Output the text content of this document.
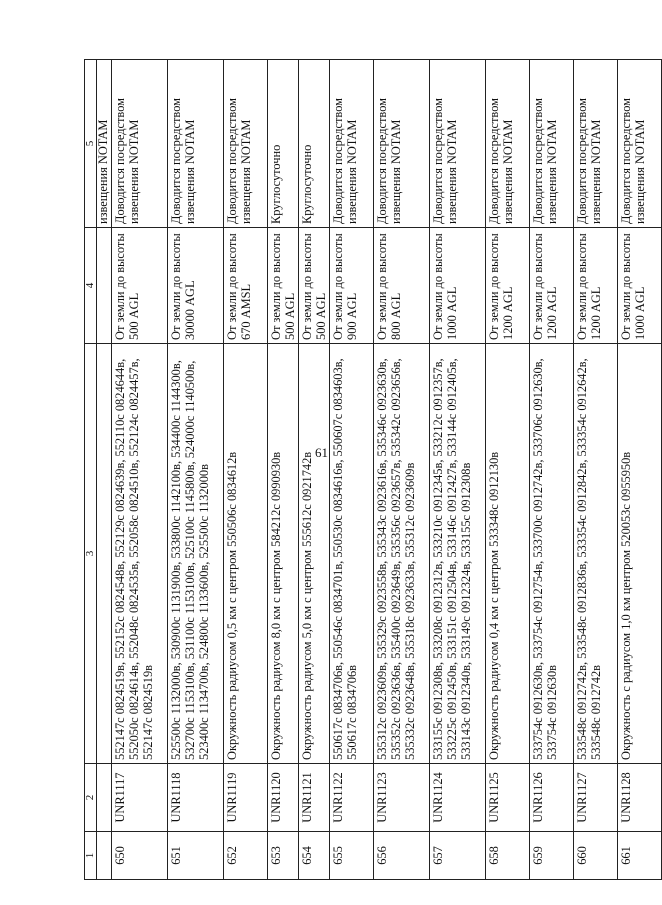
61
1	2	3	4	5
				извещения NOTAM
650	UNR1117	552147с 0824519в, 552152с 0824548в, 552129с 0824639в, 552110с 0824644в, 552050с 0824614в, 552048с 0824535в, 552058с 0824510в, 552124с 0824457в, 552147с 0824519в	От земли до высоты 500 AGL	Доводится посредством извещения NOTAM
651	UNR1118	525500с 1132000в, 530900с 1131900в, 533800с 1142100в, 534400с 1144300в, 532700с 1153100в, 531100с 1153100в, 525100с 1145800в, 524000с 1140500в, 523400с 1134700в, 524800с 1133600в, 525500с 1132000в	От земли до высоты 30000 AGL	Доводится посредством извещения NOTAM
652	UNR1119	Окружность радиусом 0,5 км с центром 550506с 0834612в	От земли до высоты 670 AMSL	Доводится посредством извещения NOTAM
653	UNR1120	Окружность радиусом 8,0 км с центром 584212с 0990930в	От земли до высоты 500 AGL	Круглосуточно
654	UNR1121	Окружность радиусом 5,0 км с центром 555612с 0921742в	От земли до высоты 500 AGL	Круглосуточно
655	UNR1122	550617с 0834706в, 550546с 0834701в, 550530с 0834616в, 550607с 0834603в, 550617с 0834706в	От земли до высоты 900 AGL	Доводится посредством извещения NOTAM
656	UNR1123	535312с 0923609в, 535329с 0923558в, 535343с 0923616в, 535346с 0923630в, 535352с 0923636в, 535400с 0923649в, 535356с 0923657в, 535342с 0923656в, 535332с 0923648в, 535318с 0923633в, 535312с 0923609в	От земли до высоты 800 AGL	Доводится посредством извещения NOTAM
657	UNR1124	533155с 0912308в, 533208с 0912312в, 533210с 0912345в, 533212с 0912357в, 533225с 0912450в, 533151с 0912504в, 533146с 0912427в, 533144с 0912405в, 533143с 0912340в, 533149с 0912324в, 533155с 0912308в	От земли до высоты 1000 AGL	Доводится посредством извещения NOTAM
658	UNR1125	Окружность радиусом 0,4 км с центром 533348с 0912130в	От земли до высоты 1200 AGL	Доводится посредством извещения NOTAM
659	UNR1126	533754с 0912630в, 533754с 0912754в, 533700с 0912742в, 533706с 0912630в, 533754с 0912630в	От земли до высоты 1200 AGL	Доводится посредством извещения NOTAM
660	UNR1127	533548с 0912742в, 533548с 0912836в, 533354с 0912842в, 533354с 0912642в, 533548с 0912742в	От земли до высоты 1200 AGL	Доводится посредством извещения NOTAM
661	UNR1128	Окружность с радиусом 1,0 км центром 520053с 0955950в	От земли до высоты 1000 AGL	Доводится посредством извещения NOTAM
